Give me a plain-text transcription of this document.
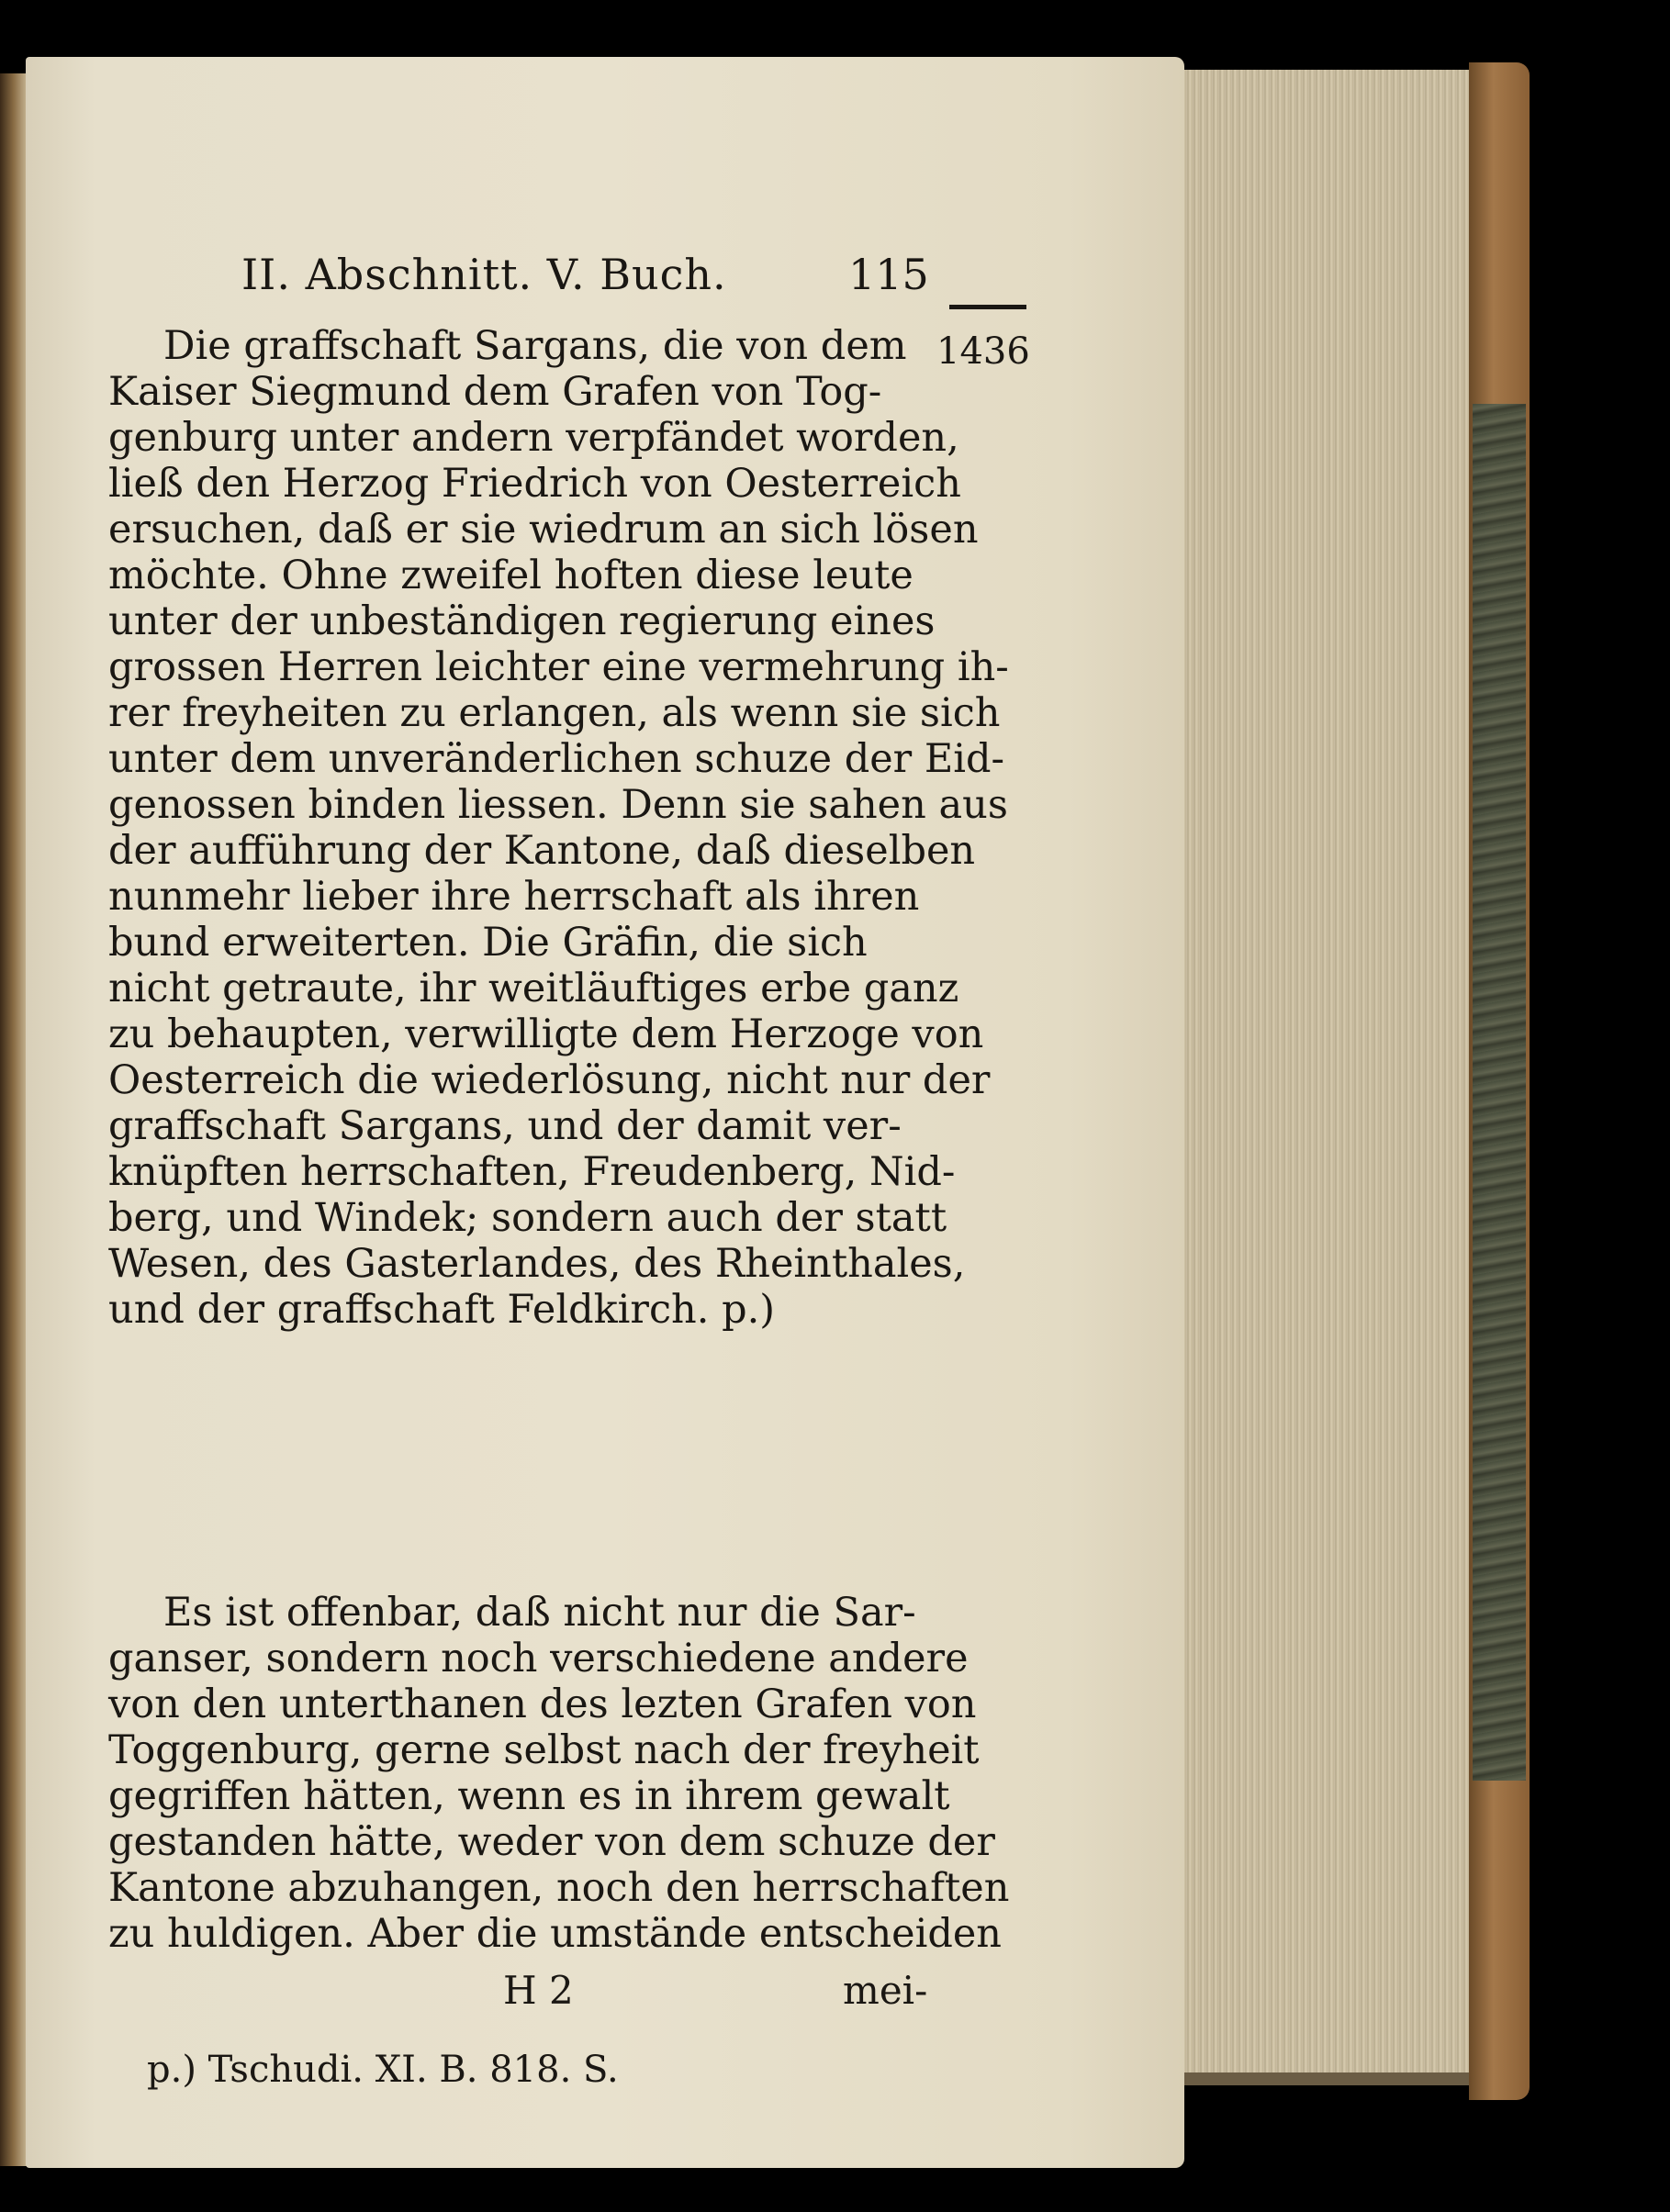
1436
II. Abschnitt. V. Buch.	115
Die graffschaft Sargans, die von dem
Kaiser Siegmund dem Grafen von Tog-
genburg unter andern verpfändet worden,
ließ den Herzog Friedrich von Oesterreich
ersuchen, daß er sie wiedrum an sich lösen
möchte. Ohne zweifel hoften diese leute
unter der unbeständigen regierung eines
grossen Herren leichter eine vermehrung ih-
rer freyheiten zu erlangen, als wenn sie sich
unter dem unveränderlichen schuze der Eid-
genossen binden liessen. Denn sie sahen aus
der aufführung der Kantone, daß dieselben
nunmehr lieber ihre herrschaft als ihren
bund erweiterten. Die Gräfin, die sich
nicht getraute, ihr weitläuftiges erbe ganz
zu behaupten, verwilligte dem Herzoge von
Oesterreich die wiederlösung, nicht nur der
graffschaft Sargans, und der damit ver-
knüpften herrschaften, Freudenberg, Nid-
berg, und Windek; sondern auch der statt
Wesen, des Gasterlandes, des Rheinthales,
und der graffschaft Feldkirch. p.)
Es ist offenbar, daß nicht nur die Sar-
ganser, sondern noch verschiedene andere
von den unterthanen des lezten Grafen von
Toggenburg, gerne selbst nach der freyheit
gegriffen hätten, wenn es in ihrem gewalt
gestanden hätte, weder von dem schuze der
Kantone abzuhangen, noch den herrschaften
zu huldigen. Aber die umstände entscheiden
H 2	mei-
p.) Tschudi. XI. B. 818. S.
